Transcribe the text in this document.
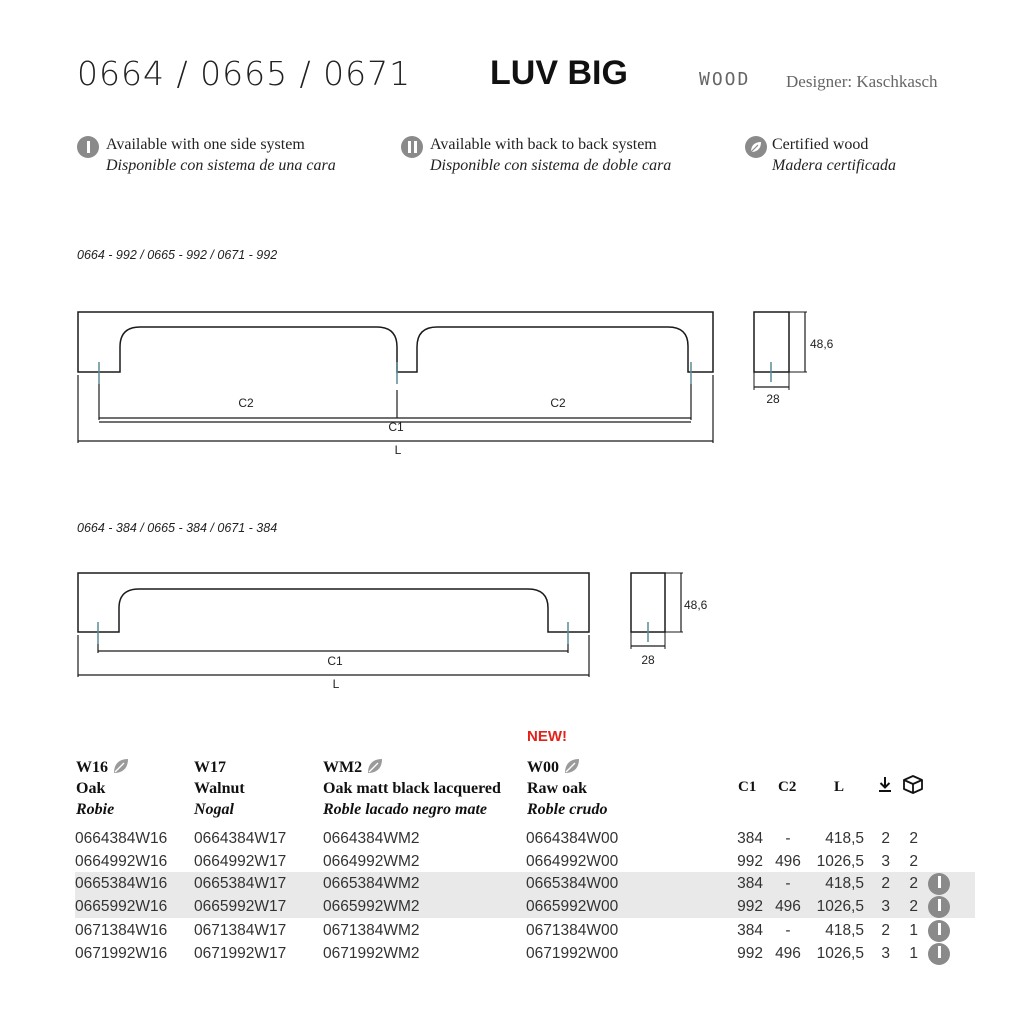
0664 / 0665 / 0671 LUV BIG	WOOD Designer: Kaschkasch
Available with one side system
Disponible con sistema de una cara
Available with back to back system
Disponible con sistema de doble cara
Certified wood
Madera certificada
0664 - 992 / 0665 - 992 / 0671 - 992
C2	C2
C1
L
48,6
28
0664 - 384 / 0665 - 384 / 0671 - 384
C1
L
48,6
28
NEW!
W16
Oak
Robie
W17
Walnut
Nogal
WM2
Oak matt black lacquered
Roble lacado negro mate
W00
Raw oak
Roble crudo
C1 C2	L
0664384W16 0664384W17 0664384WM2	0664384W00	384	-	418,5 2 2
0664992W16 0664992W17 0664992WM2	0664992W00	992 496 1026,5 3 2
0665384W16 0665384W17 0665384WM2	0665384W00	384	-	418,5 2 2
0665992W16 0665992W17 0665992WM2	0665992W00	992 496 1026,5 3 2
0671384W16 0671384W17 0671384WM2	0671384W00	384	-	418,5 2 1
0671992W16 0671992W17 0671992WM2	0671992W00	992 496 1026,5 3 1
